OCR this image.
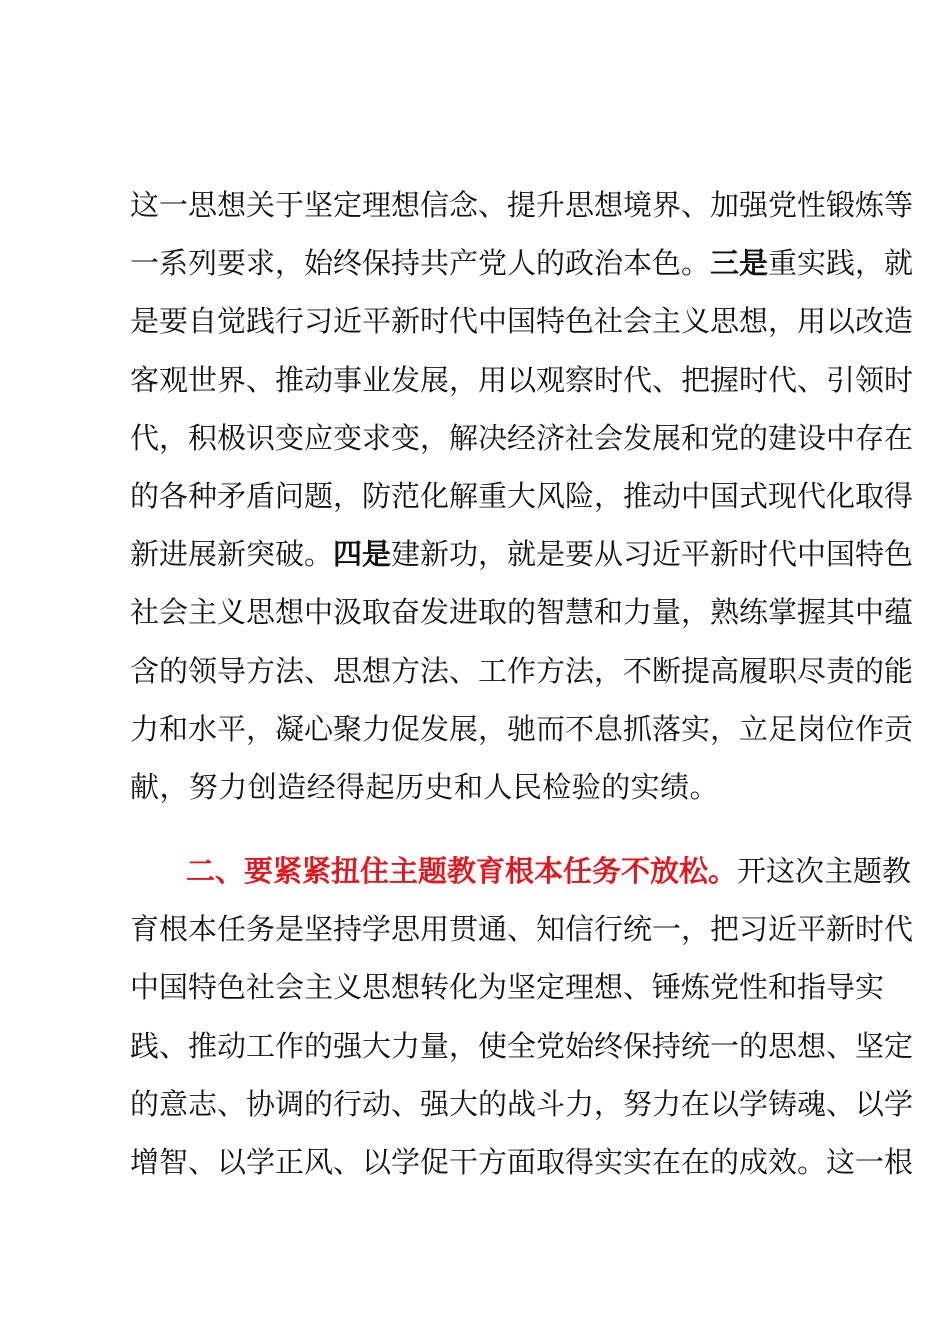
这一思想关于坚定理想信念、提升思想境界、加强党性锻炼等
一系列要求，始终保持共产党人的政治本色。 三是 重实践，就
是要自觉践行习近平新时代中国特色社会主义思想，用以改造
客观世界、推动事业发展，用以观察时代、把握时代、引领时
代，积极识变应变求变，解决经济社会发展和党的建设中存在
的各种矛盾问题，防范化解重大风险，推动中国式现代化取得
新进展新突破。 四是 建新功，就是要从习近平新时代中国特色
社会主义思想中汲取奋发进取的智慧和力量，熟练掌握其中蕴
含的领导方法、思想方法、工作方法，不断提高履职尽责的能
力和水平，凝心聚力促发展，驰而不息抓落实，立足岗位作贡
献，努力创造经得起历史和人民检验的实绩。
二、要紧紧扭住主题教育根本任务不放松。 开这次主题教
育根本任务是坚持学思用贯通、知信行统一，把习近平新时代
中国特色社会主义思想转化为坚定理想、锤炼党性和指导实
践、推动工作的强大力量，使全党始终保持统一的思想、坚定
的意志、协调的行动、强大的战斗力，努力在以学铸魂、以学
增智、以学正风、以学促干方面取得实实在在的成效。这一根
